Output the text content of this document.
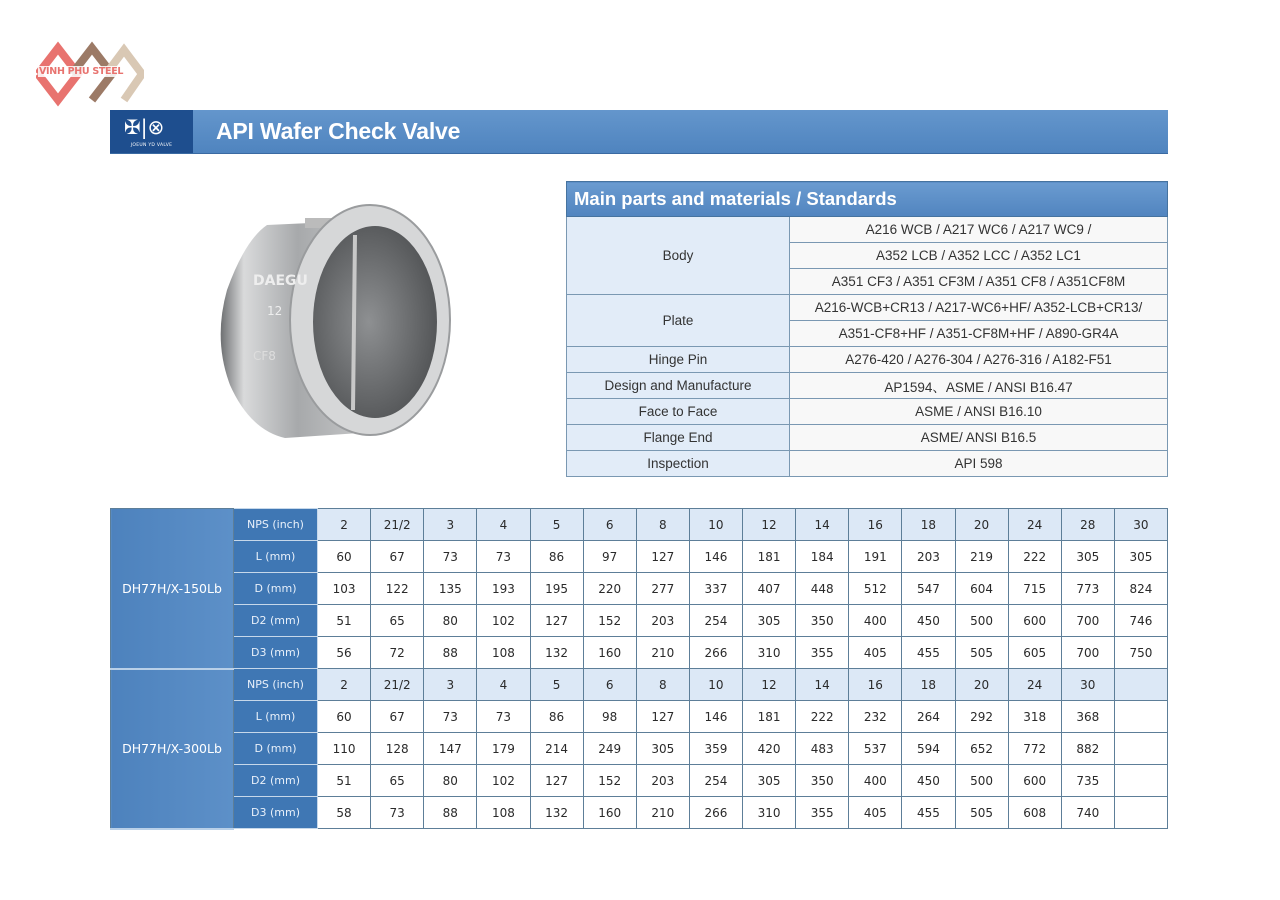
VINH PHU STEEL
✠|⊗
JOEUN YD VALVE
API Wafer Check Valve
DAEGU
12
CF8
Main parts and materials / Standards	
Body	A216 WCB / A217 WC6 / A217 WC9 /
	A352 LCB / A352 LCC / A352 LC1
	A351 CF3 / A351 CF3M / A351 CF8 / A351CF8M
Plate	A216-WCB+CR13 / A217-WC6+HF/ A352-LCB+CR13/
	A351-CF8+HF / A351-CF8M+HF / A890-GR4A
Hinge Pin	A276-420 / A276-304 / A276-316 / A182-F51
Design and Manufacture	AP1594、ASME / ANSI B16.47
Face to Face	ASME / ANSI B16.10
Flange End	ASME/ ANSI B16.5
Inspection	API 598
DH77H/X-150Lb	NPS (inch)	2	21/2	3	4	5	6	8	10	12	14	16	18	20	24	28	30
	L (mm)	60	67	73	73	86	97	127	146	181	184	191	203	219	222	305	305
	D (mm)	103	122	135	193	195	220	277	337	407	448	512	547	604	715	773	824
	D2 (mm)	51	65	80	102	127	152	203	254	305	350	400	450	500	600	700	746
	D3 (mm)	56	72	88	108	132	160	210	266	310	355	405	455	505	605	700	750
DH77H/X-300Lb	NPS (inch)	2	21/2	3	4	5	6	8	10	12	14	16	18	20	24	30	
	L (mm)	60	67	73	73	86	98	127	146	181	222	232	264	292	318	368	
	D (mm)	110	128	147	179	214	249	305	359	420	483	537	594	652	772	882	
	D2 (mm)	51	65	80	102	127	152	203	254	305	350	400	450	500	600	735	
	D3 (mm)	58	73	88	108	132	160	210	266	310	355	405	455	505	608	740	
